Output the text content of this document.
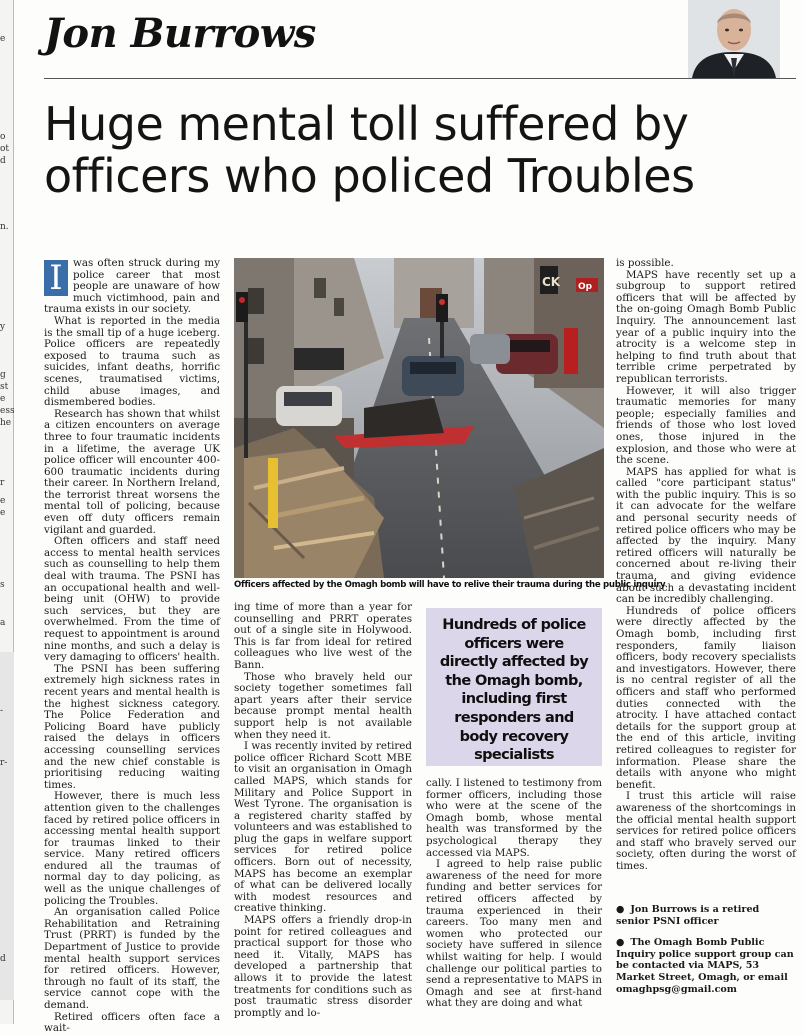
e
o
ot
d
n.
y
g
st
e
ess
he
r
e
e
s
a
-
r-
d
Jon Burrows
Huge mental toll suffered by officers who policed Troubles

I was often struck during my police career that most people are unaware of how much victimhood, pain and trauma exists in our society.

What is reported in the media is the small tip of a huge iceberg. Police officers are repeatedly exposed to trauma such as suicides, infant deaths, horrific scenes, traumatised victims, child abuse images, and dismembered bodies.

Research has shown that whilst a citizen encounters on average three to four traumatic incidents in a lifetime, the average UK police officer will encounter 400-600 traumatic incidents during their career. In Northern Ireland, the terrorist threat worsens the mental toll of policing, because even off duty officers remain vigilant and guarded.

Often officers and staff need access to mental health services such as counselling to help them deal with trauma. The PSNI has an occupational health and well-being unit (OHW) to provide such services, but they are overwhelmed. From the time of request to appointment is around nine months, and such a delay is very damaging to officers' health.

The PSNI has been suffering extremely high sickness rates in recent years and mental health is the highest sickness category. The Police Federation and Policing Board have publicly raised the delays in officers accessing counselling services and the new chief constable is prioritising reducing waiting times.

However, there is much less attention given to the challenges faced by retired police officers in accessing mental health support for traumas linked to their service. Many retired officers endured all the traumas of normal day to day policing, as well as the unique challenges of policing the Troubles.

An organisation called Police Rehabilitation and Retraining Trust (PRRT) is funded by the Department of Justice to provide mental health support services for retired officers. However, through no fault of its staff, the service cannot cope with the demand.

Retired officers often face a wait-

CK Op
Officers affected by the Omagh bomb will have to relive their trauma during the public inquiry

ing time of more than a year for counselling and PRRT operates out of a single site in Holywood. This is far from ideal for retired colleagues who live west of the Bann.

Those who bravely held our society together sometimes fall apart years after their service because prompt mental health support help is not available when they need it.

I was recently invited by retired police officer Richard Scott MBE to visit an organisation in Omagh called MAPS, which stands for Military and Police Support in West Tyrone. The organisation is a registered charity staffed by volunteers and was established to plug the gaps in welfare support services for retired police officers. Born out of necessity, MAPS has become an exemplar of what can be delivered locally with modest resources and creative thinking.

MAPS offers a friendly drop-in point for retired colleagues and practical support for those who need it. Vitally, MAPS has developed a partnership that allows it to provide the latest treatments for conditions such as post traumatic stress disorder promptly and lo-

Hundreds of police officers were directly affected by the Omagh bomb, including first responders and body recovery specialists

cally. I listened to testimony from former officers, including those who were at the scene of the Omagh bomb, whose mental health was transformed by the psychological therapy they accessed via MAPS.

I agreed to help raise public awareness of the need for more funding and better services for retired officers affected by trauma experienced in their careers. Too many men and women who protected our society have suffered in silence whilst waiting for help. I would challenge our political parties to send a representative to MAPS in Omagh and see at first-hand what they are doing and what

is possible.

MAPS have recently set up a subgroup to support retired officers that will be affected by the on-going Omagh Bomb Public Inquiry. The announcement last year of a public inquiry into the atrocity is a welcome step in helping to find truth about that terrible crime perpetrated by republican terrorists.

However, it will also trigger traumatic memories for many people; especially families and friends of those who lost loved ones, those injured in the explosion, and those who were at the scene.

MAPS has applied for what is called "core participant status" with the public inquiry. This is so it can advocate for the welfare and personal security needs of retired police officers who may be affected by the inquiry. Many retired officers will naturally be concerned about re-living their trauma, and giving evidence about such a devastating incident can be incredibly challenging.

Hundreds of police officers were directly affected by the Omagh bomb, including first responders, family liaison officers, body recovery specialists and investigators. However, there is no central register of all the officers and staff who performed duties connected with the atrocity. I have attached contact details for the support group at the end of this article, inviting retired colleagues to register for information. Please share the details with anyone who might benefit.

I trust this article will raise awareness of the shortcomings in the official mental health support services for retired police officers and staff who bravely served our society, often during the worst of times.

● Jon Burrows is a retired senior PSNI officer

● The Omagh Bomb Public Inquiry police support group can be contacted via MAPS, 53 Market Street, Omagh, or email omaghpsg@gmail.com
